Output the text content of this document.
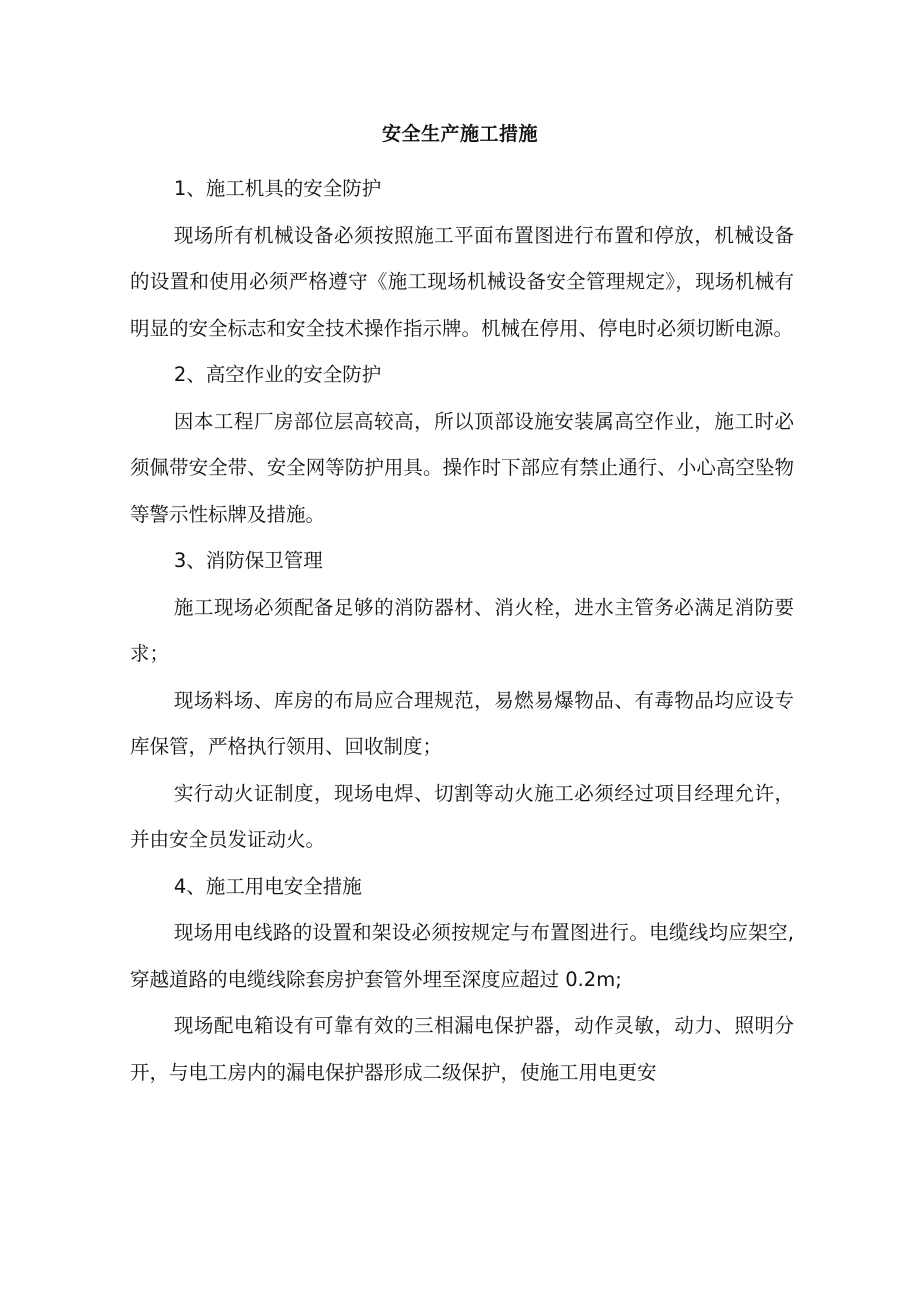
安全生产施工措施

1、施工机具的安全防护

现场所有机械设备必须按照施工平面布置图进行布置和停放，机械设备的设置和使用必须严格遵守《施工现场机械设备安全管理规定》，现场机械有明显的安全标志和安全技术操作指示牌。机械在停用、停电时必须切断电源。

2、高空作业的安全防护

因本工程厂房部位层高较高，所以顶部设施安装属高空作业，施工时必须佩带安全带、安全网等防护用具。操作时下部应有禁止通行、小心高空坠物等警示性标牌及措施。

3、消防保卫管理

施工现场必须配备足够的消防器材、消火栓，进水主管务必满足消防要求；

现场料场、库房的布局应合理规范，易燃易爆物品、有毒物品均应设专库保管，严格执行领用、回收制度；

实行动火证制度，现场电焊、切割等动火施工必须经过项目经理允许，并由安全员发证动火。

4、施工用电安全措施

现场用电线路的设置和架设必须按规定与布置图进行。电缆线均应架空,穿越道路的电缆线除套房护套管外埋至深度应超过 0.2m;

现场配电箱设有可靠有效的三相漏电保护器，动作灵敏，动力、照明分开，与电工房内的漏电保护器形成二级保护，使施工用电更安
